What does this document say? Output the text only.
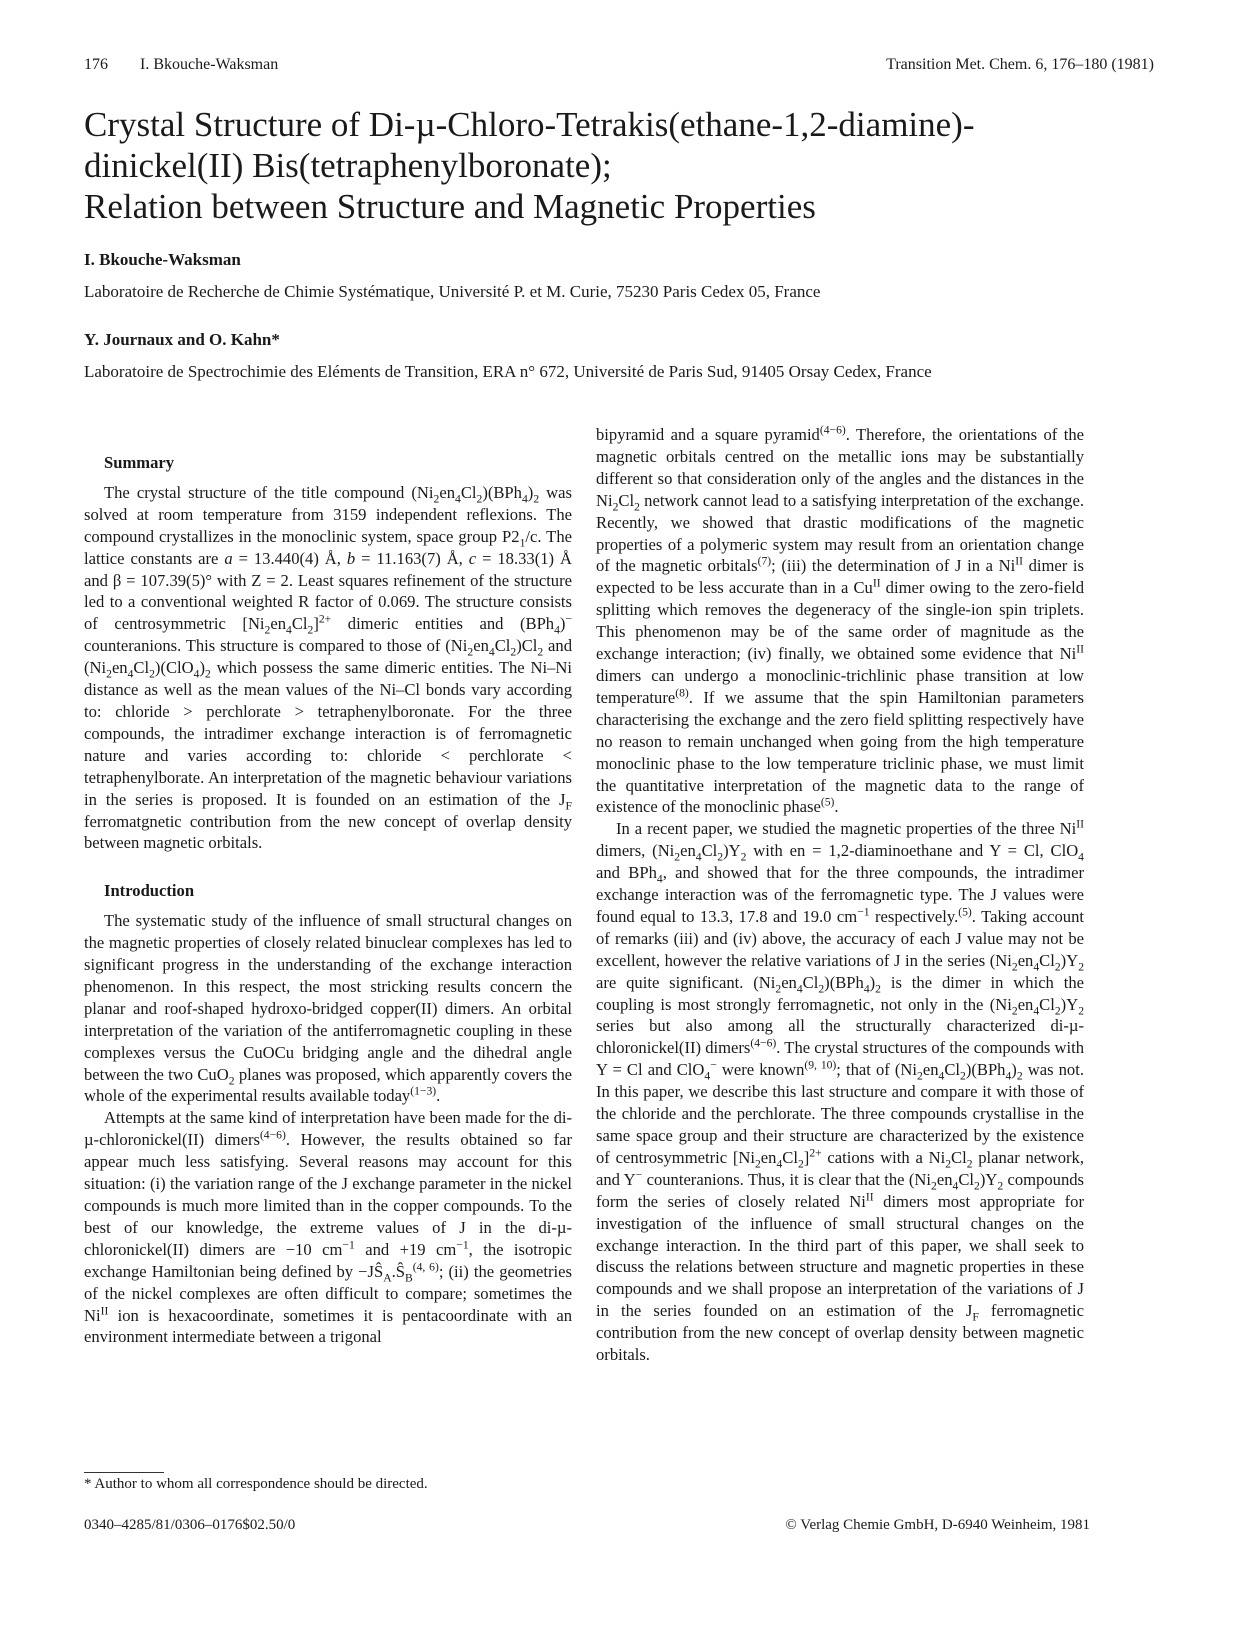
176 I. Bkouche-Waksman	Transition Met. Chem. 6, 176–180 (1981)
Crystal Structure of Di-µ-Chloro-Tetrakis(ethane-1,2-diamine)-
dinickel(II) Bis(tetraphenylboronate);
Relation between Structure and Magnetic Properties

I. Bkouche-Waksman

Laboratoire de Recherche de Chimie Systématique, Université P. et M. Curie, 75230 Paris Cedex 05, France

Y. Journaux and O. Kahn*

Laboratoire de Spectrochimie des Eléments de Transition, ERA n° 672, Université de Paris Sud, 91405 Orsay Cedex, France

Summary

The crystal structure of the title compound $(Ni_2en_4Cl_2)(BPh_4)_2$ was solved at room temperature from 3159 independent reflexions. The compound crystallizes in the monoclinic system, space group $P2_1/c$. The lattice constants are a = 13.440(4) Å, b = 11.163(7) Å, c = 18.33(1) Å and β = 107.39(5)° with Z = 2. Least squares refinement of the structure led to a conventional weighted R factor of 0.069. The structure consists of centrosymmetric $[Ni_2en_4Cl_2]^{2+}$ dimeric entities and (BPh$_4$)− counteranions. This structure is compared to those of $(Ni_2en_4Cl_2)Cl_2$ and $(Ni_2en_4Cl_2)(ClO_4)_2$ which possess the same dimeric entities. The Ni–Ni distance as well as the mean values of the Ni–Cl bonds vary according to: chloride > perchlorate > tetraphenylboronate. For the three compounds, the intradimer exchange interaction is of ferromagnetic nature and varies according to: chloride < perchlorate < tetraphenylborate. An interpretation of the magnetic behaviour variations in the series is proposed. It is founded on an estimation of the $J_F$ ferromatgnetic contribution from the new concept of overlap density between magnetic orbitals.

Introduction

The systematic study of the influence of small structural changes on the magnetic properties of closely related binuclear complexes has led to significant progress in the understanding of the exchange interaction phenomenon. In this respect, the most stricking results concern the planar and roof-shaped hydroxo-bridged copper(II) dimers. An orbital interpretation of the variation of the antiferromagnetic coupling in these complexes versus the CuOCu bridging angle and the dihedral angle between the two CuO$_2$ planes was proposed, which apparently covers the whole of the experimental results available today$^{(1-3)}$.

Attempts at the same kind of interpretation have been made for the di-µ-chloronickel(II) dimers$^{(4-6)}$. However, the results obtained so far appear much less satisfying. Several reasons may account for this situation: (i) the variation range of the J exchange parameter in the nickel compounds is much more limited than in the copper compounds. To the best of our knowledge, the extreme values of J in the di-µ-chloronickel(II) dimers are −10 $cm^{-1}$ and +19 $cm^{-1}$, the isotropic exchange Hamiltonian being defined by $-JŜ_A.Ŝ_B^{(4, 6)}$; (ii) the geometries of the nickel complexes are often difficult to compare; sometimes the $Ni^{II}$ ion is hexacoordinate, sometimes it is pentacoordinate with an environment intermediate between a trigonal

bipyramid and a square pyramid$^{(4-6)}$. Therefore, the orientations of the magnetic orbitals centred on the metallic ions may be substantially different so that consideration only of the angles and the distances in the $Ni_2Cl_2$ network cannot lead to a satisfying interpretation of the exchange. Recently, we showed that drastic modifications of the magnetic properties of a polymeric system may result from an orientation change of the magnetic orbitals$^{(7)}$; (iii) the determination of J in a $Ni^{II}$ dimer is expected to be less accurate than in a $Cu^{II}$ dimer owing to the zero-field splitting which removes the degeneracy of the single-ion spin triplets. This phenomenon may be of the same order of magnitude as the exchange interaction; (iv) finally, we obtained some evidence that $Ni^{II}$ dimers can undergo a monoclinic-trichlinic phase transition at low temperature$^{(8)}$. If we assume that the spin Hamiltonian parameters characterising the exchange and the zero field splitting respectively have no reason to remain unchanged when going from the high temperature monoclinic phase to the low temperature triclinic phase, we must limit the quantitative interpretation of the magnetic data to the range of existence of the monoclinic phase$^{(5)}$.

In a recent paper, we studied the magnetic properties of the three $Ni^{II}$ dimers, $(Ni_2en_4Cl_2)Y_2$ with en = 1,2-diaminoethane and Y = Cl, ClO$_4$ and BPh$_4$, and showed that for the three compounds, the intradimer exchange interaction was of the ferromagnetic type. The J values were found equal to 13.3, 17.8 and 19.0 $cm^{-1}$ respectively.$^{(5)}$. Taking account of remarks (iii) and (iv) above, the accuracy of each J value may not be excellent, however the relative variations of J in the series $(Ni_2en_4Cl_2)Y_2$ are quite significant. $(Ni_2en_4Cl_2)(BPh_4)_2$ is the dimer in which the coupling is most strongly ferromagnetic, not only in the $(Ni_2en_4Cl_2)Y_2$ series but also among all the structurally characterized di-µ-chloronickel(II) dimers$^{(4-6)}$. The crystal structures of the compounds with Y = Cl and ClO$_4$− were known$^{(9, 10)}$; that of $(Ni_2en_4Cl_2)(BPh_4)_2$ was not. In this paper, we describe this last structure and compare it with those of the chloride and the perchlorate. The three compounds crystallise in the same space group and their structure are characterized by the existence of centrosymmetric $[Ni_2en_4Cl_2]^{2+}$ cations with a $Ni_2Cl_2$ planar network, and Y− counteranions. Thus, it is clear that the $(Ni_2en_4Cl_2)Y_2$ compounds form the series of closely related $Ni^{II}$ dimers most appropriate for investigation of the influence of small structural changes on the exchange interaction. In the third part of this paper, we shall seek to discuss the relations between structure and magnetic properties in these compounds and we shall propose an interpretation of the variations of J in the series founded on an estimation of the $J_F$ ferromagnetic contribution from the new concept of overlap density between magnetic orbitals.

* Author to whom all correspondence should be directed.
0340–4285/81/0306–0176$02.50/0	© Verlag Chemie GmbH, D-6940 Weinheim, 1981
